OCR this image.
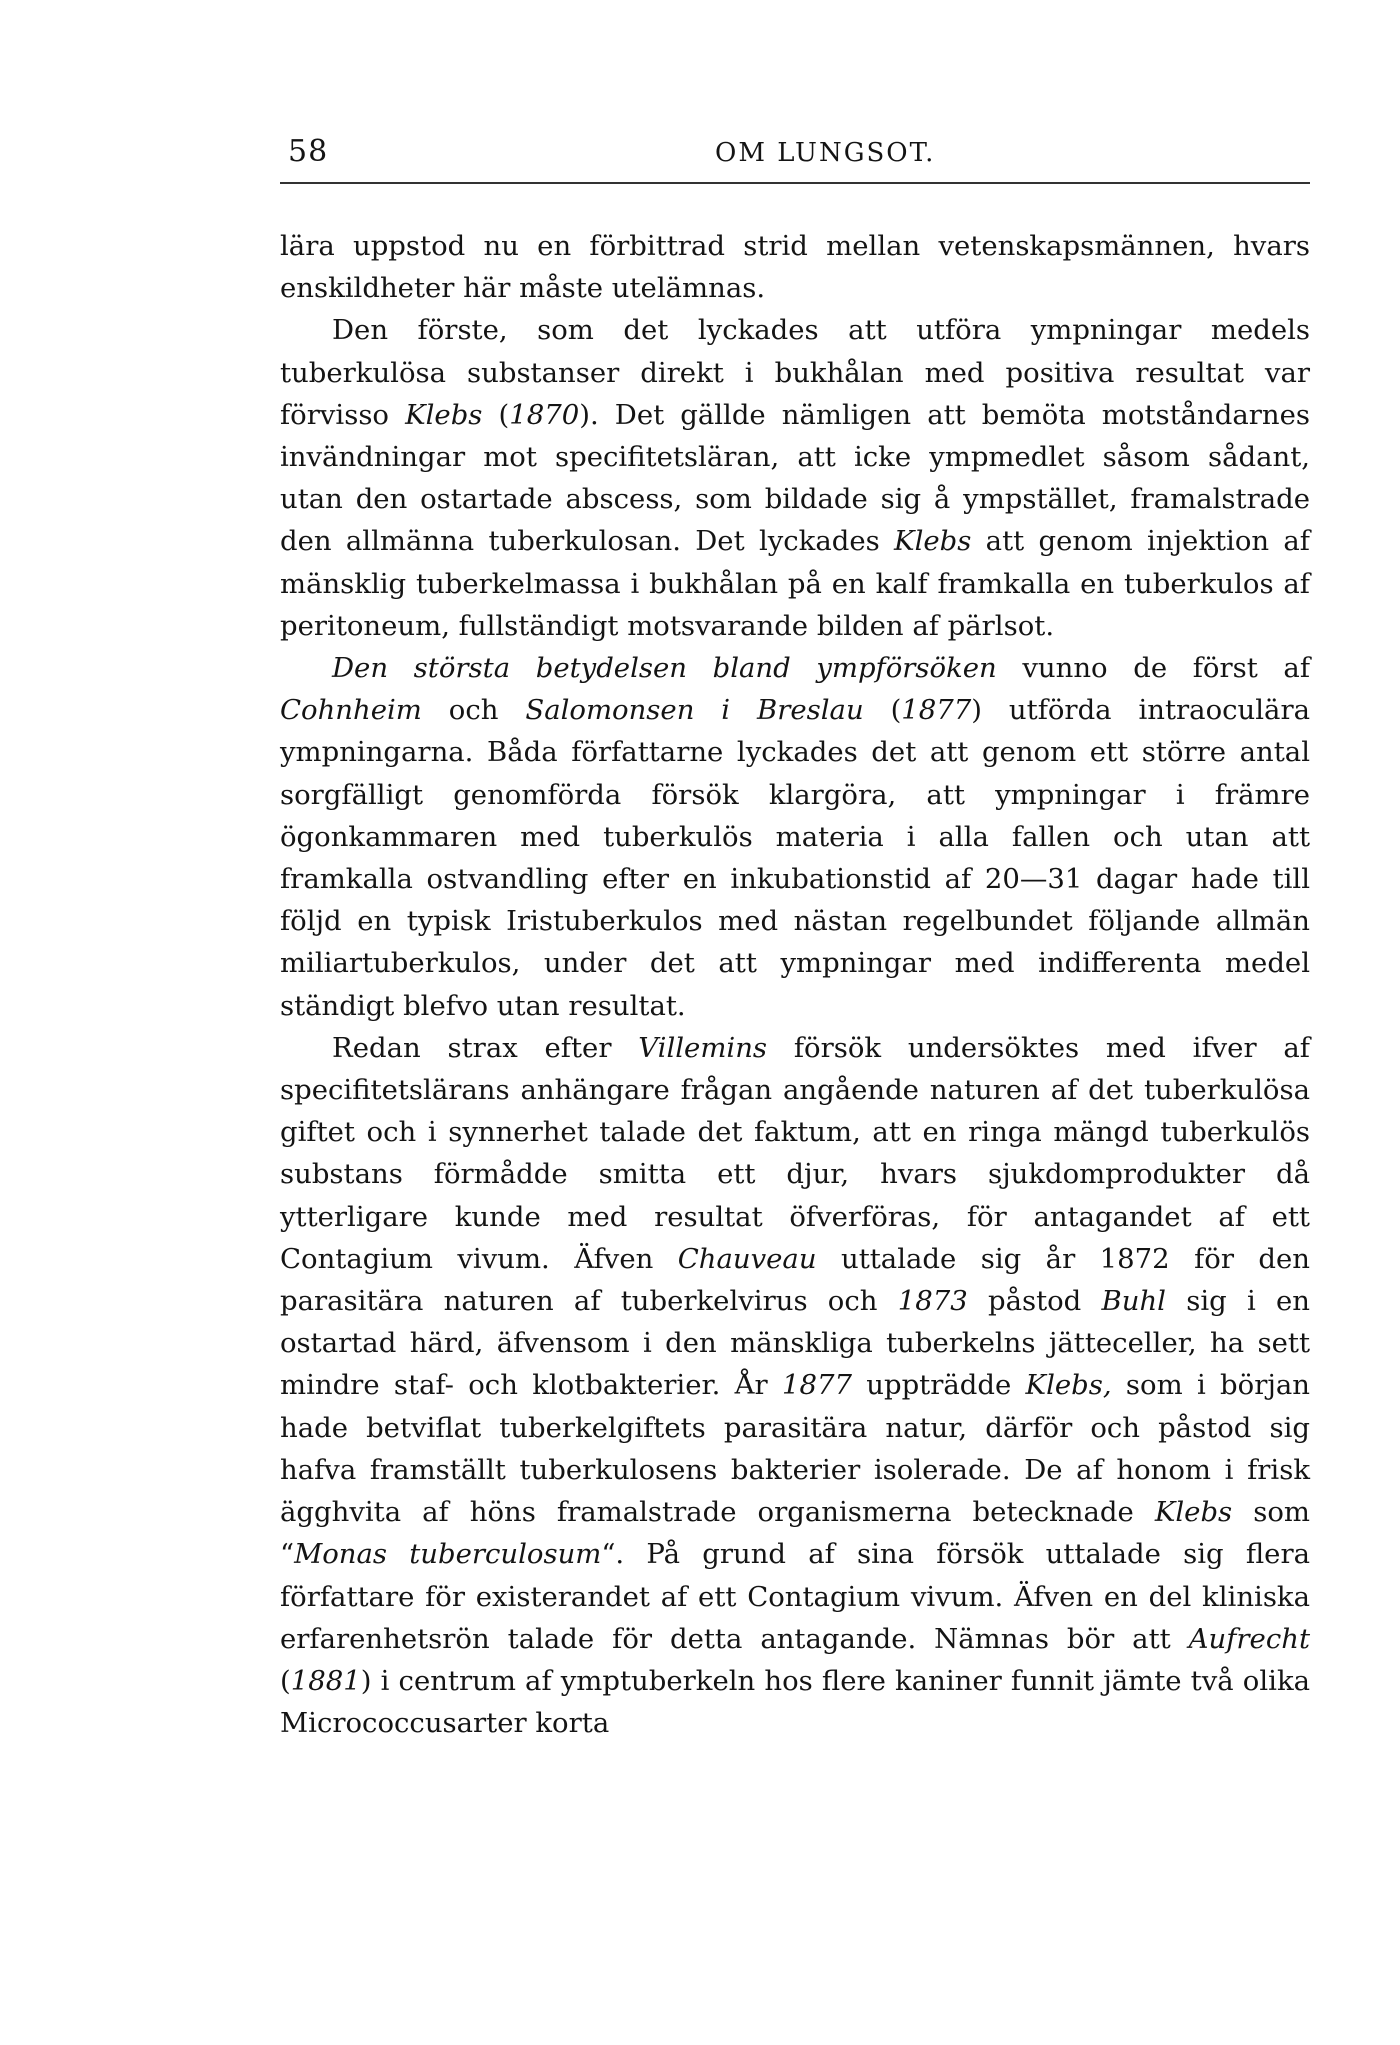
58	OM LUNGSOT.

lära uppstod nu en förbittrad strid mellan vetenskapsmännen, hvars enskildheter här måste utelämnas.

Den förste, som det lyckades att utföra ympningar medels tuberkulösa substanser direkt i bukhålan med positiva resultat var förvisso Klebs (1870). Det gällde nämligen att bemöta motståndarnes invändningar mot specifitetsläran, att icke ympmedlet såsom sådant, utan den ostartade abscess, som bildade sig å ympstället, framalstrade den allmänna tuberkulosan. Det lyckades Klebs att genom injektion af mänsklig tuberkelmassa i bukhålan på en kalf framkalla en tuberkulos af peritoneum, fullständigt motsvarande bilden af pärlsot.

Den största betydelsen bland ympförsöken vunno de först af Cohnheim och Salomonsen i Breslau (1877) utförda intraoculära ympningarna. Båda författarne lyckades det att genom ett större antal sorgfälligt genomförda försök klargöra, att ympningar i främre ögonkammaren med tuberkulös materia i alla fallen och utan att framkalla ostvandling efter en inkubationstid af 20—31 dagar hade till följd en typisk Iristuberkulos med nästan regelbundet följande allmän miliartuberkulos, under det att ympningar med indifferenta medel ständigt blefvo utan resultat.

Redan strax efter Villemins försök undersöktes med ifver af specifitetslärans anhängare frågan angående naturen af det tuberkulösa giftet och i synnerhet talade det faktum, att en ringa mängd tuberkulös substans förmådde smitta ett djur, hvars sjukdomprodukter då ytterligare kunde med resultat öfverföras, för antagandet af ett Contagium vivum. Äfven Chauveau uttalade sig år 1872 för den parasitära naturen af tuberkelvirus och 1873 påstod Buhl sig i en ostartad härd, äfvensom i den mänskliga tuberkelns jätteceller, ha sett mindre staf- och klotbakterier. År 1877 uppträdde Klebs, som i början hade betviflat tuberkelgiftets parasitära natur, därför och påstod sig hafva framställt tuberkulosens bakterier isolerade. De af honom i frisk ägghvita af höns framalstrade organismerna betecknade Klebs som “Monas tuberculosum“. På grund af sina försök uttalade sig flera författare för existerandet af ett Contagium vivum. Äfven en del kliniska erfarenhetsrön talade för detta antagande. Nämnas bör att Aufrecht (1881) i centrum af ymptuberkeln hos flere kaniner funnit jämte två olika Micrococcusarter korta
